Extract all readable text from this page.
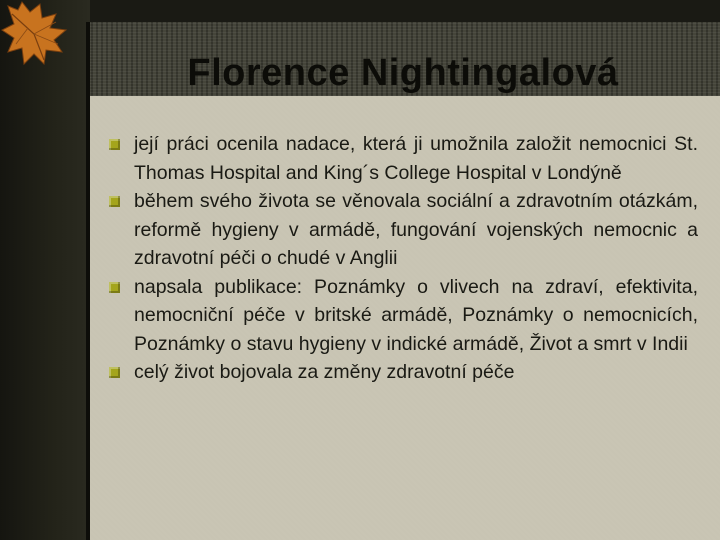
Florence Nightingalová
její práci ocenila nadace, která ji umožnila založit nemocnici St. Thomas Hospital and King´s College Hospital v Londýně
během svého života se věnovala sociální a zdravotním otázkám, reformě hygieny v armádě, fungování vojenských nemocnic a zdravotní péči o chudé v Anglii
napsala publikace: Poznámky o vlivech na zdraví, efektivita, nemocniční péče v britské armádě, Poznámky o nemocnicích, Poznámky o stavu hygieny v indické armádě, Život a smrt v Indii
celý život bojovala za změny zdravotní péče
